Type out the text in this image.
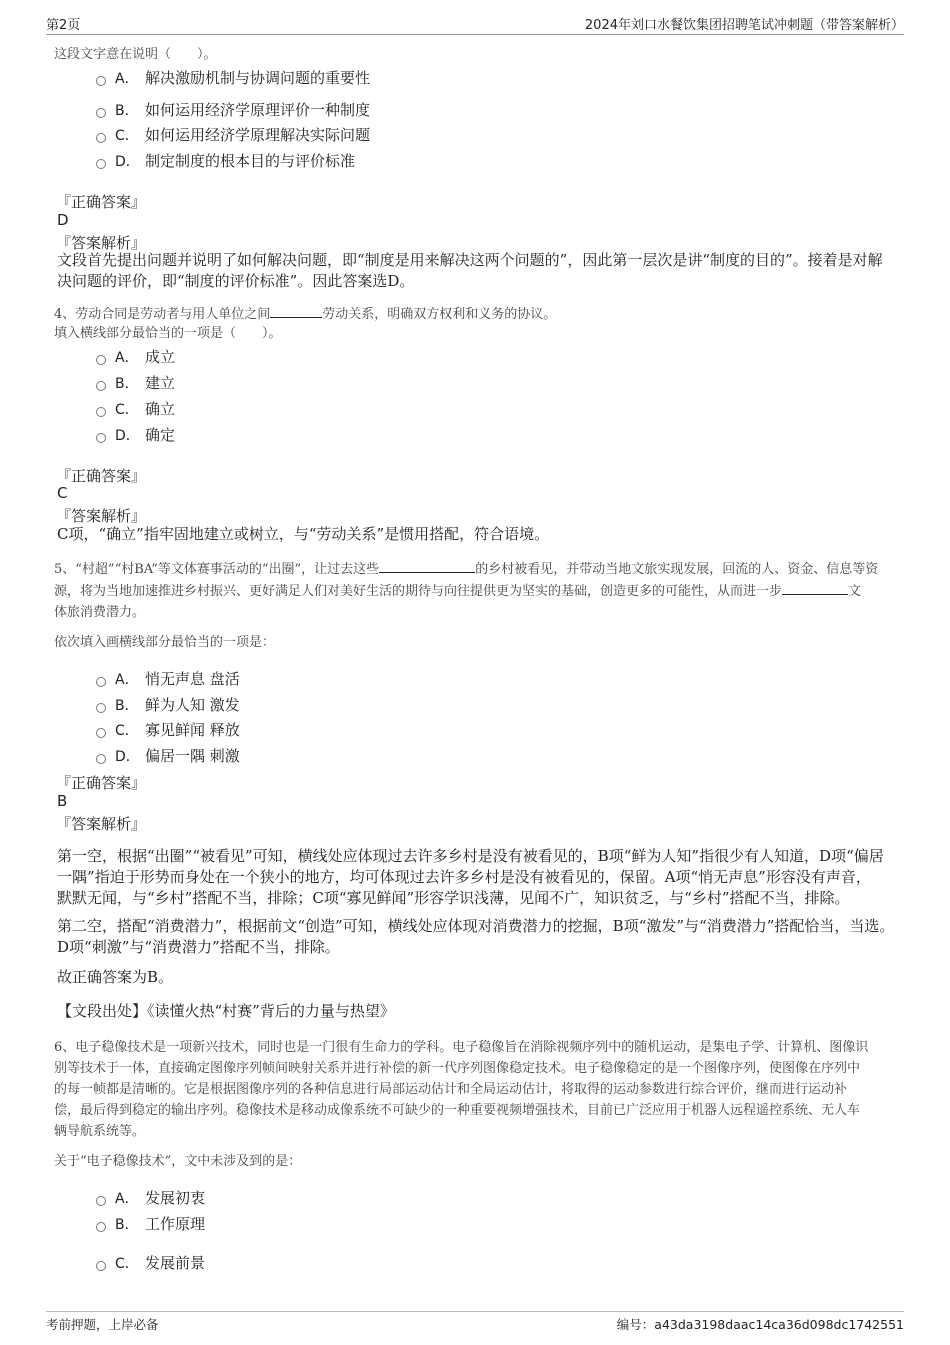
第2页	2024年刘口水餐饮集团招聘笔试冲刺题（带答案解析）
这段文字意在说明（　　）。
A． 解决激励机制与协调问题的重要性
B． 如何运用经济学原理评价一种制度
C． 如何运用经济学原理解决实际问题
D． 制定制度的根本目的与评价标准
『正确答案』
D
『答案解析』
文段首先提出问题并说明了如何解决问题，即“制度是用来解决这两个问题的”，因此第一层次是讲“制度的目的”。接着是对解
决问题的评价，即“制度的评价标准”。因此答案选D。
4、劳动合同是劳动者与用人单位之间	劳动关系，明确双方权利和义务的协议。
填入横线部分最恰当的一项是（　　）。
A． 成立
B． 建立
C． 确立
D． 确定
『正确答案』
C
『答案解析』
C项，“确立”指牢固地建立或树立，与“劳动关系”是惯用搭配，符合语境。
5、“村超”“村BA”等文体赛事活动的“出圈”，让过去这些	的乡村被看见，并带动当地文旅实现发展，回流的人、资金、信息等资
源，将为当地加速推进乡村振兴、更好满足人们对美好生活的期待与向往提供更为坚实的基础，创造更多的可能性，从而进一步	文
体旅消费潜力。
依次填入画横线部分最恰当的一项是：
A． 悄无声息 盘活
B． 鲜为人知 激发
C． 寡见鲜闻 释放
D． 偏居一隅 刺激
『正确答案』
B
『答案解析』
第一空，根据“出圈”“被看见”可知，横线处应体现过去许多乡村是没有被看见的，B项“鲜为人知”指很少有人知道，D项“偏居
一隅”指迫于形势而身处在一个狭小的地方，均可体现过去许多乡村是没有被看见的，保留。A项“悄无声息”形容没有声音，
默默无闻，与“乡村”搭配不当，排除；C项“寡见鲜闻”形容学识浅薄，见闻不广，知识贫乏，与“乡村”搭配不当，排除。
第二空，搭配“消费潜力”，根据前文“创造”可知，横线处应体现对消费潜力的挖掘，B项“激发”与“消费潜力”搭配恰当，当选。
D项“刺激”与“消费潜力”搭配不当，排除。
故正确答案为B。
【文段出处】《读懂火热“村赛”背后的力量与热望》
6、电子稳像技术是一项新兴技术，同时也是一门很有生命力的学科。电子稳像旨在消除视频序列中的随机运动，是集电子学、计算机、图像识
别等技术于一体，直接确定图像序列帧间映射关系并进行补偿的新一代序列图像稳定技术。电子稳像稳定的是一个图像序列，使图像在序列中
的每一帧都是清晰的。它是根据图像序列的各种信息进行局部运动估计和全局运动估计，将取得的运动参数进行综合评价，继而进行运动补
偿，最后得到稳定的输出序列。稳像技术是移动成像系统不可缺少的一种重要视频增强技术，目前已广泛应用于机器人远程遥控系统、无人车
辆导航系统等。
关于“电子稳像技术”，文中未涉及到的是：
A． 发展初衷
B． 工作原理
C． 发展前景
考前押题，上岸必备	编号：a43da3198daac14ca36d098dc1742551
